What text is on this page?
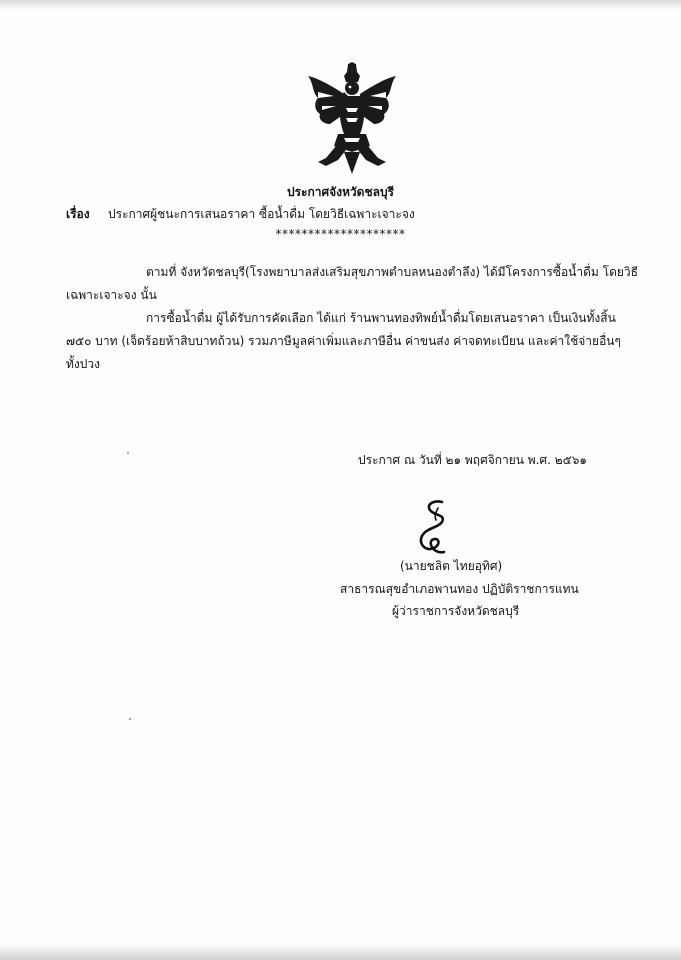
ประกาศจังหวัดชลบุรี
เรื่อง ประกาศผู้ชนะการเสนอราคา ซื้อน้ำดื่ม โดยวิธีเฉพาะเจาะจง
********************
ตามที่ จังหวัดชลบุรี(โรงพยาบาลส่งเสริมสุขภาพตำบลหนองตำลึง) ได้มีโครงการซื้อน้ำดื่ม โดยวิธี
เฉพาะเจาะจง นั้น
การซื้อน้ำดื่ม ผู้ได้รับการคัดเลือก ได้แก่ ร้านพานทองทิพย์น้ำดื่มโดยเสนอราคา เป็นเงินทั้งสิ้น
๗๕๐ บาท (เจ็ดร้อยห้าสิบบาทถ้วน) รวมภาษีมูลค่าเพิ่มและภาษีอื่น ค่าขนส่ง ค่าจดทะเบียน และค่าใช้จ่ายอื่นๆ
ทั้งปวง
ประกาศ ณ วันที่ ๒๑ พฤศจิกายน พ.ศ. ๒๕๖๑
(นายชลิต ไทยอุทิศ)
สาธารณสุขอำเภอพานทอง ปฏิบัติราชการแทน
ผู้ว่าราชการจังหวัดชลบุรี
